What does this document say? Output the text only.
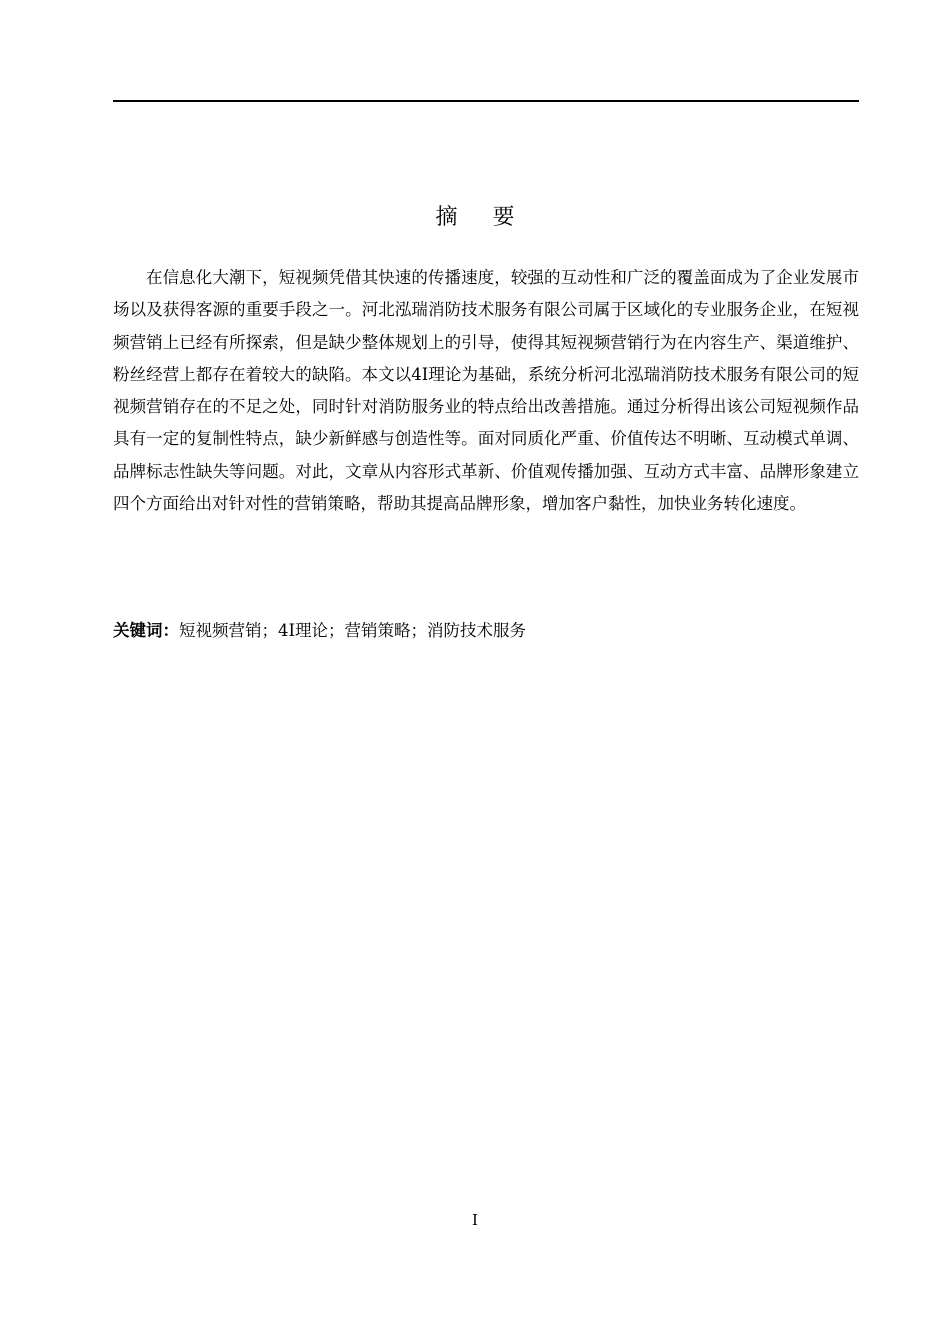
摘 要

在信息化大潮下，短视频凭借其快速的传播速度，较强的互动性和广泛的覆盖面成为了企业发展市场以及获得客源的重要手段之一。河北泓瑞消防技术服务有限公司属于区域化的专业服务企业，在短视频营销上已经有所探索，但是缺少整体规划上的引导，使得其短视频营销行为在内容生产、渠道维护、粉丝经营上都存在着较大的缺陷。本文以4I理论为基础，系统分析河北泓瑞消防技术服务有限公司的短视频营销存在的不足之处，同时针对消防服务业的特点给出改善措施。通过分析得出该公司短视频作品具有一定的复制性特点，缺少新鲜感与创造性等。面对同质化严重、价值传达不明晰、互动模式单调、品牌标志性缺失等问题。对此，文章从内容形式革新、价值观传播加强、互动方式丰富、品牌形象建立四个方面给出对针对性的营销策略，帮助其提高品牌形象，增加客户黏性，加快业务转化速度。

关键词：短视频营销；4I理论；营销策略；消防技术服务
I
